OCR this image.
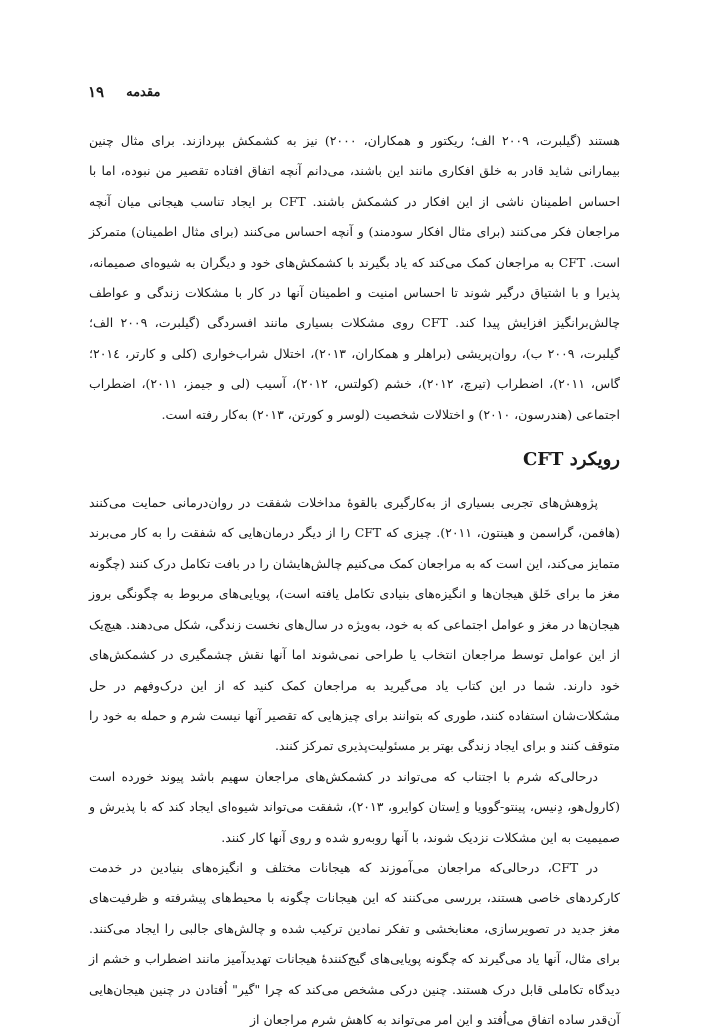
۱۹ مقدمه

هستند (گیلبرت، ۲۰۰۹ الف؛ ریکتور و همکاران، ۲۰۰۰) نیز به کشمکش بپردازند. برای مثال چنین بیمارانی شاید قادر به خلق افکاری مانند این باشند، می‌دانم آنچه اتفاق افتاده تقصیر من نبوده، اما با احساس اطمینان ناشی از این افکار در کشمکش باشند. CFT بر ایجاد تناسب هیجانی میان آنچه مراجعان فکر می‌کنند (برای مثال افکار سودمند) و آنچه احساس می‌کنند (برای مثال اطمینان) متمرکز است. CFT به مراجعان کمک می‌کند که یاد بگیرند با کشمکش‌های خود و دیگران به شیوه‌ای صمیمانه، پذیرا و با اشتیاق درگیر شوند تا احساس امنیت و اطمینان آنها در کار با مشکلات زندگی و عواطف چالش‌برانگیز افزایش پیدا کند. CFT روی مشکلات بسیاری مانند افسردگی (گیلبرت، ۲۰۰۹ الف؛ گیلبرت، ۲۰۰۹ ب)، روان‌پریشی (براهلر و همکاران، ۲۰۱۳)، اختلال شراب‌خواری (کلی و کارتر، ۲۰۱٤؛ گاس، ۲۰۱۱)، اضطراب (تیرچ، ۲۰۱۲)، خشم (کولتس، ۲۰۱۲)، آسیب (لی و جیمز، ۲۰۱۱)، اضطراب اجتماعی (هندرسون، ۲۰۱۰) و اختلالات شخصیت (لوسر و کورتن، ۲۰۱۳) به‌کار رفته است.

رویکرد CFT

پژوهش‌های تجربی بسیاری از به‌کارگیری بالقوهٔ مداخلات شفقت در روان‌درمانی حمایت می‌کنند (هافمن، گراسمن و هینتون، ۲۰۱۱). چیزی که CFT را از دیگر درمان‌هایی که شفقت را به کار می‌برند متمایز می‌کند، این است که به مراجعان کمک می‌کنیم چالش‌هایشان را در بافت تکامل درک کنند (چگونه مغز ما برای خَلق هیجان‌ها و انگیزه‌های بنیادی تکامل یافته است)، پویایی‌های مربوط به چگونگی بروز هیجان‌ها در مغز و عوامل اجتماعی که به خود، به‌ویژه در سال‌های نخست زندگی، شکل می‌دهند. هیچ‌یک از این عوامل توسط مراجعان انتخاب یا طراحی نمی‌شوند اما آنها نقش چشمگیری در کشمکش‌های خود دارند. شما در این کتاب یاد می‌گیرید به مراجعان کمک کنید که از این درک‌وفهم در حل مشکلات‌شان استفاده کنند، طوری که بتوانند برای چیزهایی که تقصیر آنها نیست شرم و حمله به خود را متوقف کنند و برای ایجاد زندگی بهتر بر مسئولیت‌پذیری تمرکز کنند.

درحالی‌که شرم با اجتناب که می‌تواند در کشمکش‌های مراجعان سهیم باشد پیوند خورده است (کارول‌هو، دِنیس، پینتو-گوویا و اِستان کوایرو، ۲۰۱۳)، شفقت می‌تواند شیوه‌ای ایجاد کند که با پذیرش و صمیمیت به این مشکلات نزدیک شوند، با آنها روبه‌رو شده و روی آنها کار کنند.

در CFT، درحالی‌که مراجعان می‌آموزند که هیجانات مختلف و انگیزه‌های بنیادین در خدمت کارکردهای خاصی هستند، بررسی می‌کنند که این هیجانات چگونه با محیط‌های پیشرفته و ظرفیت‌های مغز جدید در تصویرسازی، معنابخشی و تفکر نمادین ترکیب شده و چالش‌های جالبی را ایجاد می‌کنند. برای مثال، آنها یاد می‌گیرند که چگونه پویایی‌های گیج‌کنندهٔ هیجانات تهدیدآمیز مانند اضطراب و خشم از دیدگاه تکاملی قابل درک هستند. چنین درکی مشخص می‌کند که چرا "گیر" اُفتادن در چنین هیجان‌هایی آن‌قدر ساده اتفاق می‌اُفتد و این امر می‌تواند به کاهش شرم مراجعان از
